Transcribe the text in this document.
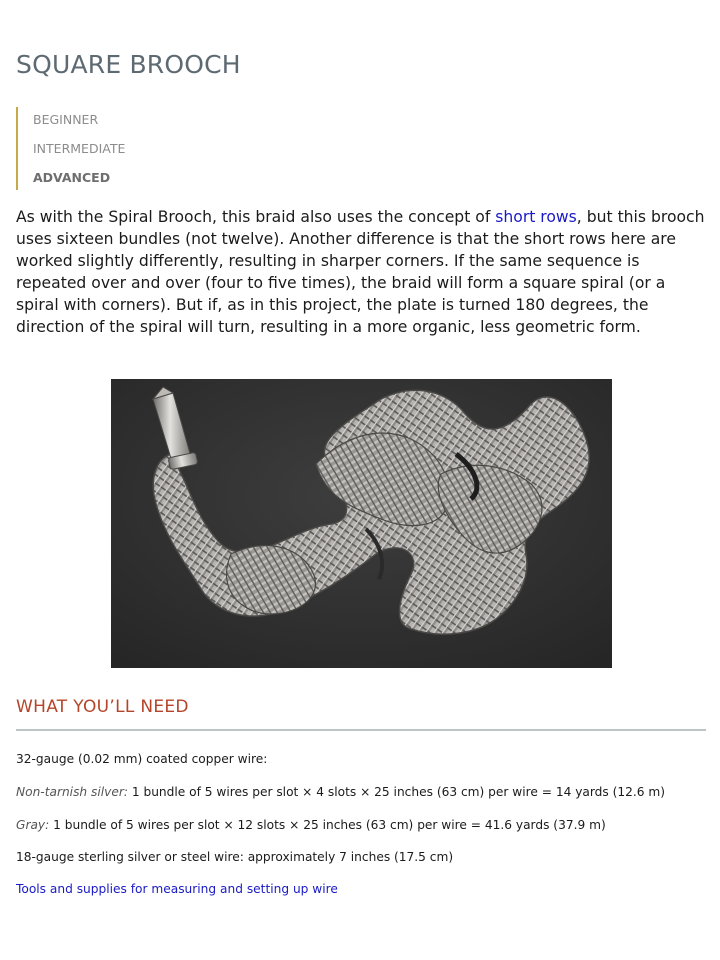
SQUARE BROOCH
BEGINNER
INTERMEDIATE
ADVANCED

As with the Spiral Brooch, this braid also uses the concept of short rows, but this brooch uses sixteen bundles (not twelve). Another difference is that the short rows here are worked slightly differently, resulting in sharper corners. If the same sequence is repeated over and over (four to five times), the braid will form a square spiral (or a spiral with corners). But if, as in this project, the plate is turned 180 degrees, the direction of the spiral will turn, resulting in a more organic, less geometric form.

WHAT YOU’LL NEED

32-gauge (0.02 mm) coated copper wire:

Non-tarnish silver: 1 bundle of 5 wires per slot × 4 slots × 25 inches (63 cm) per wire = 14 yards (12.6 m)

Gray: 1 bundle of 5 wires per slot × 12 slots × 25 inches (63 cm) per wire = 41.6 yards (37.9 m)

18-gauge sterling silver or steel wire: approximately 7 inches (17.5 cm)

Tools and supplies for measuring and setting up wire
